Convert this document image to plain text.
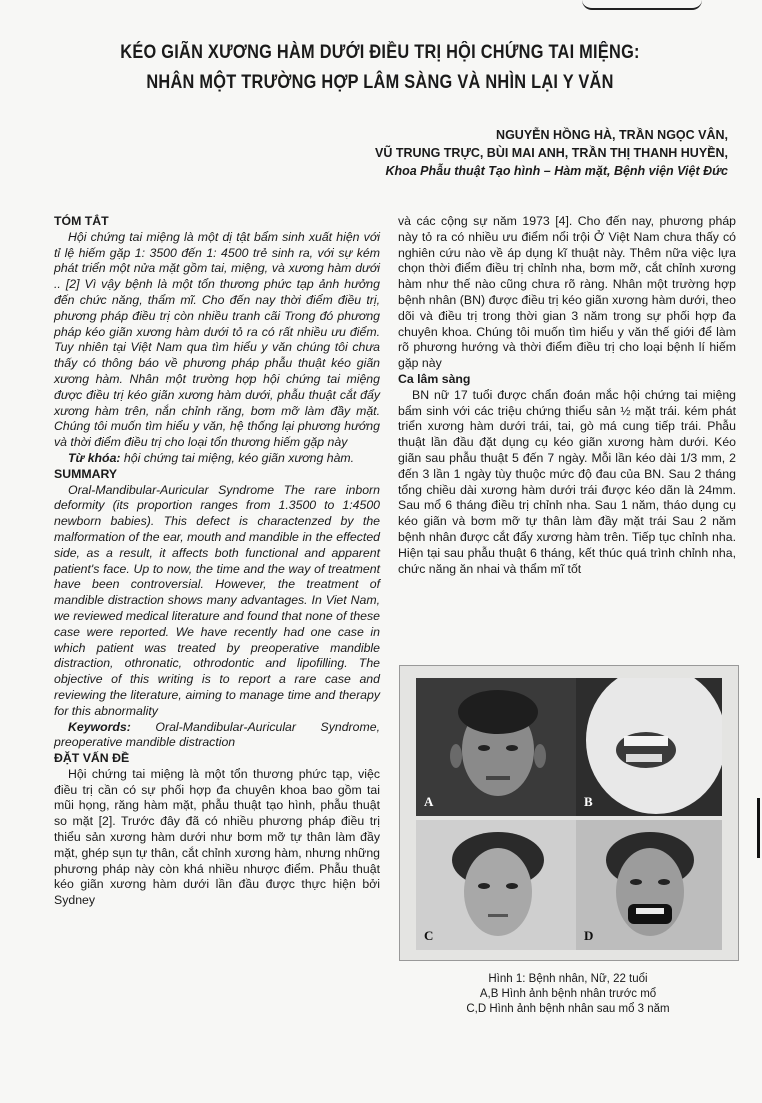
KÉO GIÃN XƯƠNG HÀM DƯỚI ĐIỀU TRỊ HỘI CHỨNG TAI MIỆNG:
NHÂN MỘT TRƯỜNG HỢP LÂM SÀNG VÀ NHÌN LẠI Y VĂN
NGUYỄN HỒNG HÀ, TRẦN NGỌC VÂN,
VŨ TRUNG TRỰC, BÙI MAI ANH, TRẦN THỊ THANH HUYỀN,
Khoa Phẫu thuật Tạo hình – Hàm mặt, Bệnh viện Việt Đức

TÓM TẮT

Hội chứng tai miệng là một dị tật bẩm sinh xuất hiện với tỉ lệ hiếm gặp 1: 3500 đến 1: 4500 trẻ sinh ra, với sự kém phát triển một nửa mặt gồm tai, miệng, và xương hàm dưới .. [2] Vì vậy bệnh là một tổn thương phức tạp ảnh hưởng đến chức năng, thẩm mĩ. Cho đến nay thời điểm điều trị, phương pháp điều trị còn nhiều tranh cãi Trong đó phương pháp kéo giãn xương hàm dưới tỏ ra có rất nhiều ưu điểm. Tuy nhiên tại Việt Nam qua tìm hiểu y văn chúng tôi chưa thấy có thông báo về phương pháp phẫu thuật kéo giãn xương hàm. Nhân một trường hợp hội chứng tai miệng được điều trị kéo giãn xương hàm dưới, phẫu thuật cắt đẩy xương hàm trên, nắn chỉnh răng, bơm mỡ làm đầy mặt. Chúng tôi muốn tìm hiểu y văn, hệ thống lại phương hướng và thời điểm điều trị cho loại tổn thương hiếm gặp này

Từ khóa: hội chứng tai miệng, kéo giãn xương hàm.

SUMMARY

Oral-Mandibular-Auricular Syndrome The rare inborn deformity (its proportion ranges from 1.3500 to 1:4500 newborn babies). This defect is charactenzed by the malformation of the ear, mouth and mandible in the effected side, as a result, it affects both functional and apparent patient's face. Up to now, the time and the way of treatment have been controversial. However, the treatment of mandible distraction shows many advantages. In Viet Nam, we reviewed medical literature and found that none of these case were reported. We have recently had one case in which patient was treated by preoperative mandible distraction, othronatic, othrodontic and lipofilling. The objective of this writing is to report a rare case and reviewing the literature, aiming to manage time and therapy for this abnormality

Keywords: Oral-Mandibular-Auricular Syndrome, preoperative mandible distraction

ĐẶT VẤN ĐỀ

Hội chứng tai miệng là một tổn thương phức tạp, việc điều trị cần có sự phối hợp đa chuyên khoa bao gồm tai mũi họng, răng hàm mặt, phẫu thuật tạo hình, phẫu thuật so mặt [2]. Trước đây đã có nhiều phương pháp điều trị thiểu sản xương hàm dưới như bơm mỡ tự thân làm đầy mặt, ghép sụn tự thân, cắt chỉnh xương hàm, nhưng những phương pháp này còn khá nhiều nhược điểm. Phẫu thuật kéo giãn xương hàm dưới lần đầu được thực hiện bởi Sydney

và các cộng sự năm 1973 [4]. Cho đến nay, phương pháp này tỏ ra có nhiều ưu điểm nổi trội Ở Việt Nam chưa thấy có nghiên cứu nào về áp dụng kĩ thuật này. Thêm nữa việc lựa chọn thời điểm điều trị chỉnh nha, bơm mỡ, cắt chỉnh xương hàm như thế nào cũng chưa rõ ràng. Nhân một trường hợp bệnh nhân (BN) được điều trị kéo giãn xương hàm dưới, theo dõi và điều trị trong thời gian 3 năm trong sự phối hợp đa chuyên khoa. Chúng tôi muốn tìm hiểu y văn thế giới để làm rõ phương hướng và thời điểm điều trị cho loại bệnh lí hiếm gặp này

Ca lâm sàng

BN nữ 17 tuổi được chẩn đoán mắc hội chứng tai miệng bẩm sinh với các triệu chứng thiểu sản ½ mặt trái. kém phát triển xương hàm dưới trái, tai, gò má cung tiếp trái. Phẫu thuật lần đầu đặt dụng cụ kéo giãn xương hàm dưới. Kéo giãn sau phẫu thuật 5 đến 7 ngày. Mỗi lần kéo dài 1/3 mm, 2 đến 3 lần 1 ngày tùy thuộc mức độ đau của BN. Sau 2 tháng tổng chiều dài xương hàm dưới trái được kéo dãn là 24mm. Sau mổ 6 tháng điều trị chỉnh nha. Sau 1 năm, tháo dụng cụ kéo giãn và bơm mỡ tự thân làm đầy mặt trái Sau 2 năm bệnh nhân được cắt đẩy xương hàm trên. Tiếp tục chỉnh nha. Hiện tại sau phẫu thuật 6 tháng, kết thúc quá trình chỉnh nha, chức năng ăn nhai và thẩm mĩ tốt

A	B
C	D
Hình 1: Bệnh nhân, Nữ, 22 tuổi
A,B Hình ảnh bệnh nhân trước mổ
C,D Hình ảnh bệnh nhân sau mổ 3 năm
